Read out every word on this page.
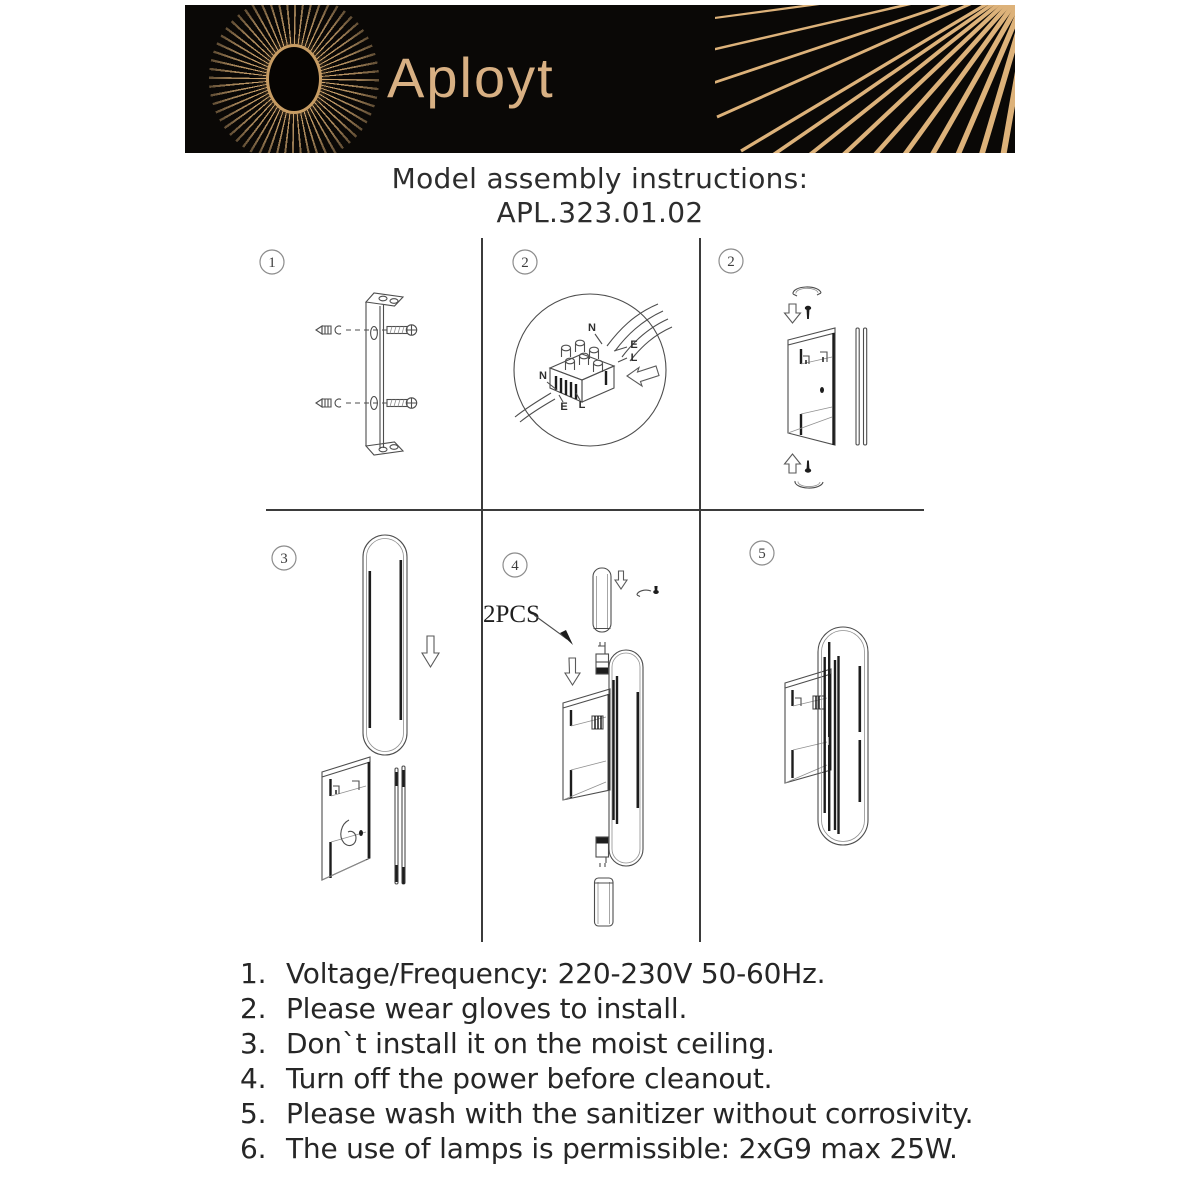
Aployt
Model assembly instructions:
APL.323.01.02
1	2
N
E
L
N
E L
2
3	4
2PCS
5
1. Voltage/Frequency: 220-230V 50-60Hz.
2. Please wear gloves to install.
3. Don`t install it on the moist ceiling.
4. Turn off the power before cleanout.
5. Please wash with the sanitizer without corrosivity.
6. The use of lamps is permissible: 2xG9 max 25W.
